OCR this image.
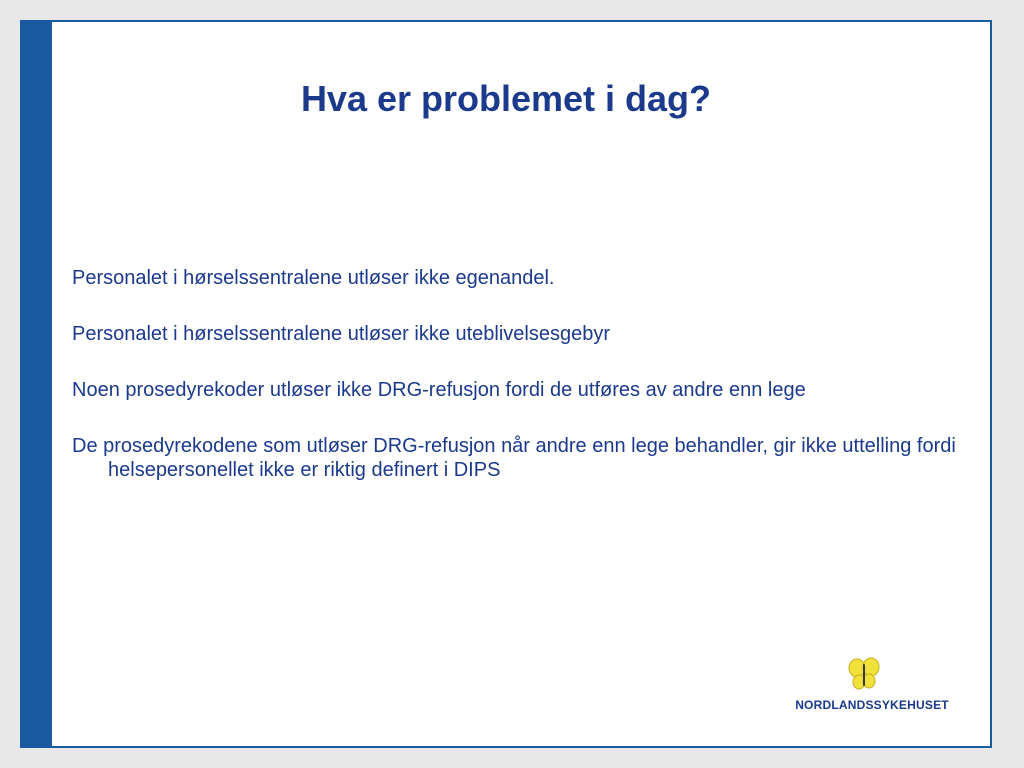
Hva er problemet i dag?
Personalet i hørselssentralene utløser ikke egenandel.
Personalet i hørselssentralene utløser ikke uteblivelsesgebyr
Noen prosedyrekoder utløser ikke DRG-refusjon fordi de utføres av andre enn lege
De prosedyrekodene som utløser DRG-refusjon når andre enn lege behandler, gir ikke uttelling fordi helsepersonellet ikke er riktig definert i DIPS
NORDLANDSSYKEHUSET
